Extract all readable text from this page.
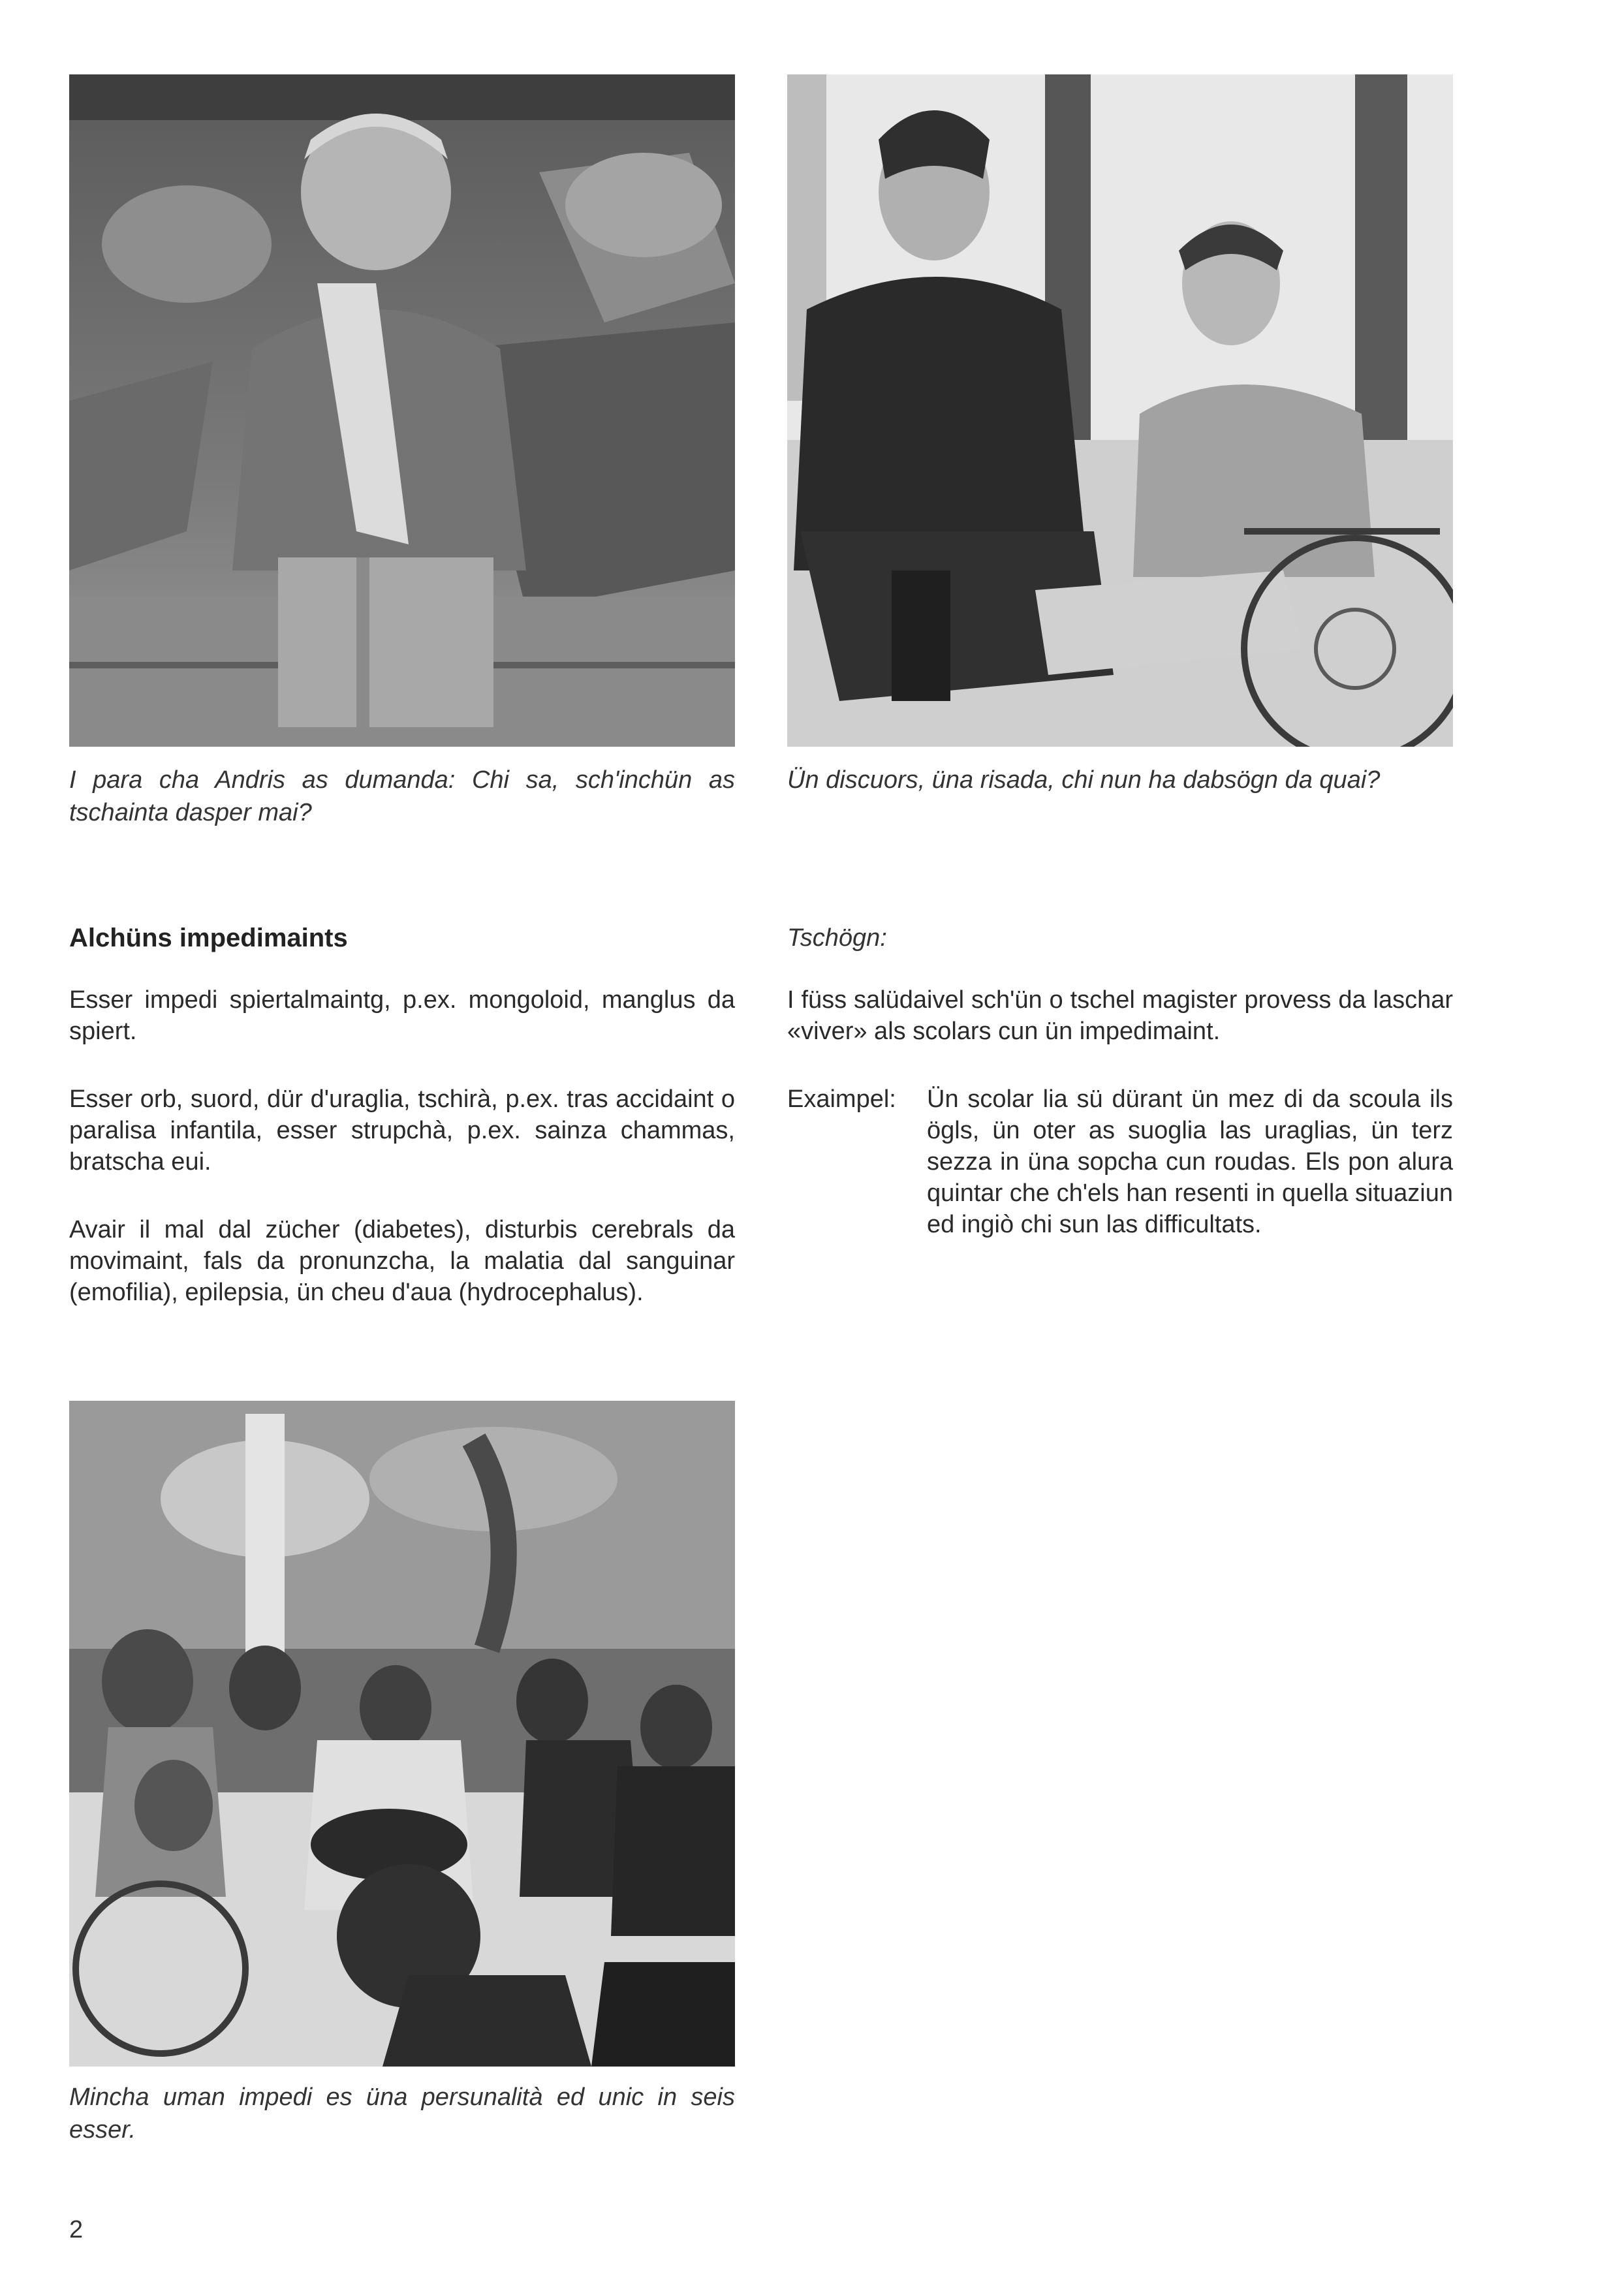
I para cha Andris as dumanda: Chi sa, sch'inchün as tschainta dasper mai?

Ün discuors, üna risada, chi nun ha dabsögn da quai?

Alchüns impedimaints

Esser impedi spiertalmaintg, p.ex. mongoloid, manglus da spiert.

Esser orb, suord, dür d'uraglia, tschirà, p.ex. tras accidaint o paralisa infantila, esser strupchà, p.ex. sainza chammas, bratscha eui.

Avair il mal dal zücher (diabetes), disturbis cerebrals da movimaint, fals da pronunzcha, la malatia dal sanguinar (emofilia), epilepsia, ün cheu d'aua (hydrocephalus).

Tschögn:

I füss salüdaivel sch'ün o tschel magister provess da laschar «viver» als scolars cun ün impedimaint.

Exaimpel: Ün scolar lia sü dürant ün mez di da scoula ils ögls, ün oter as suoglia las uraglias, ün terz sezza in üna sopcha cun roudas. Els pon alura quintar che ch'els han resenti in quella situaziun ed ingiò chi sun las difficultats.

Mincha uman impedi es üna persunalità ed unic in seis esser.

2
